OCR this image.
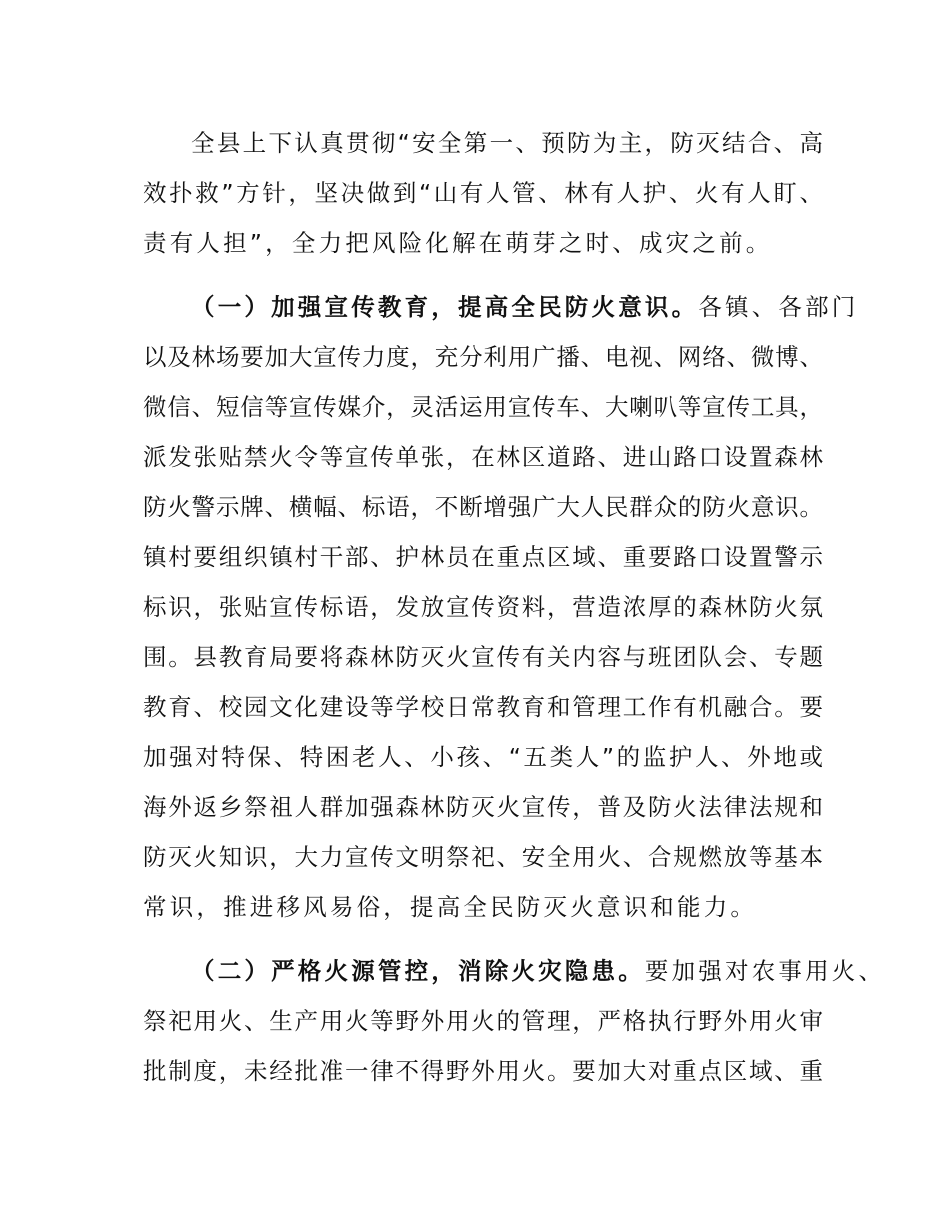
全县上下认真贯彻“安全第一、预防为主，防灭结合、高
效扑救”方针，坚决做到“山有人管、林有人护、火有人盯、
责有人担”，全力把风险化解在萌芽之时、成灾之前。
（一）加强宣传教育，提高全民防火意识。各镇、各部门
以及林场要加大宣传力度，充分利用广播、电视、网络、微博、
微信、短信等宣传媒介，灵活运用宣传车、大喇叭等宣传工具，
派发张贴禁火令等宣传单张，在林区道路、进山路口设置森林
防火警示牌、横幅、标语，不断增强广大人民群众的防火意识。
镇村要组织镇村干部、护林员在重点区域、重要路口设置警示
标识，张贴宣传标语，发放宣传资料，营造浓厚的森林防火氛
围。县教育局要将森林防灭火宣传有关内容与班团队会、专题
教育、校园文化建设等学校日常教育和管理工作有机融合。要
加强对特保、特困老人、小孩、“五类人”的监护人、外地或
海外返乡祭祖人群加强森林防灭火宣传，普及防火法律法规和
防灭火知识，大力宣传文明祭祀、安全用火、合规燃放等基本
常识，推进移风易俗，提高全民防灭火意识和能力。
（二）严格火源管控，消除火灾隐患。要加强对农事用火、
祭祀用火、生产用火等野外用火的管理，严格执行野外用火审
批制度，未经批准一律不得野外用火。要加大对重点区域、重
